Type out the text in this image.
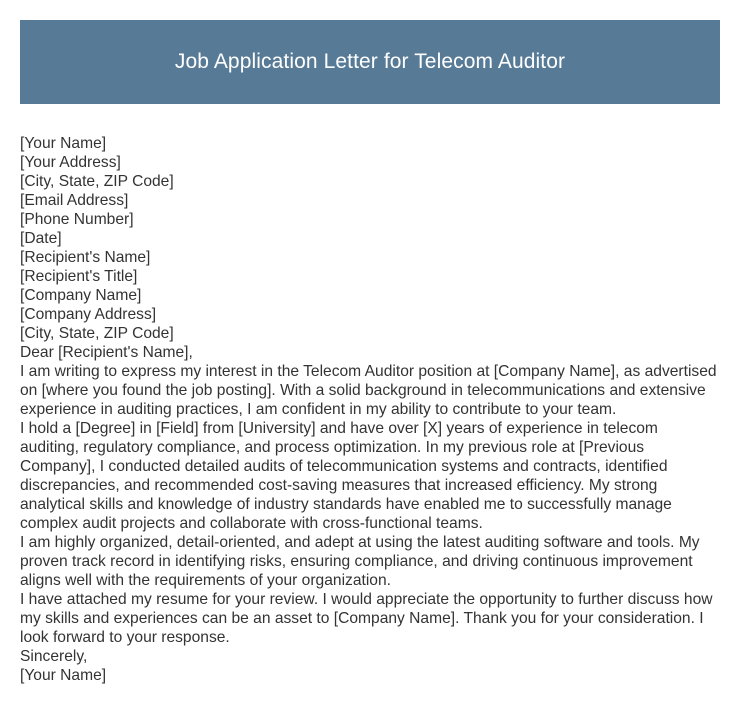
Job Application Letter for Telecom Auditor
[Your Name]
[Your Address]
[City, State, ZIP Code]
[Email Address]
[Phone Number]
[Date]
[Recipient's Name]
[Recipient's Title]
[Company Name]
[Company Address]
[City, State, ZIP Code]
Dear [Recipient's Name],

I am writing to express my interest in the Telecom Auditor position at [Company Name], as advertised on [where you found the job posting]. With a solid background in telecommunications and extensive experience in auditing practices, I am confident in my ability to contribute to your team.

I hold a [Degree] in [Field] from [University] and have over [X] years of experience in telecom auditing, regulatory compliance, and process optimization. In my previous role at [Previous Company], I conducted detailed audits of telecommunication systems and contracts, identified discrepancies, and recommended cost-saving measures that increased efficiency. My strong analytical skills and knowledge of industry standards have enabled me to successfully manage complex audit projects and collaborate with cross-functional teams.

I am highly organized, detail-oriented, and adept at using the latest auditing software and tools. My proven track record in identifying risks, ensuring compliance, and driving continuous improvement aligns well with the requirements of your organization.

I have attached my resume for your review. I would appreciate the opportunity to further discuss how my skills and experiences can be an asset to [Company Name]. Thank you for your consideration. I look forward to your response.

Sincerely,
[Your Name]
